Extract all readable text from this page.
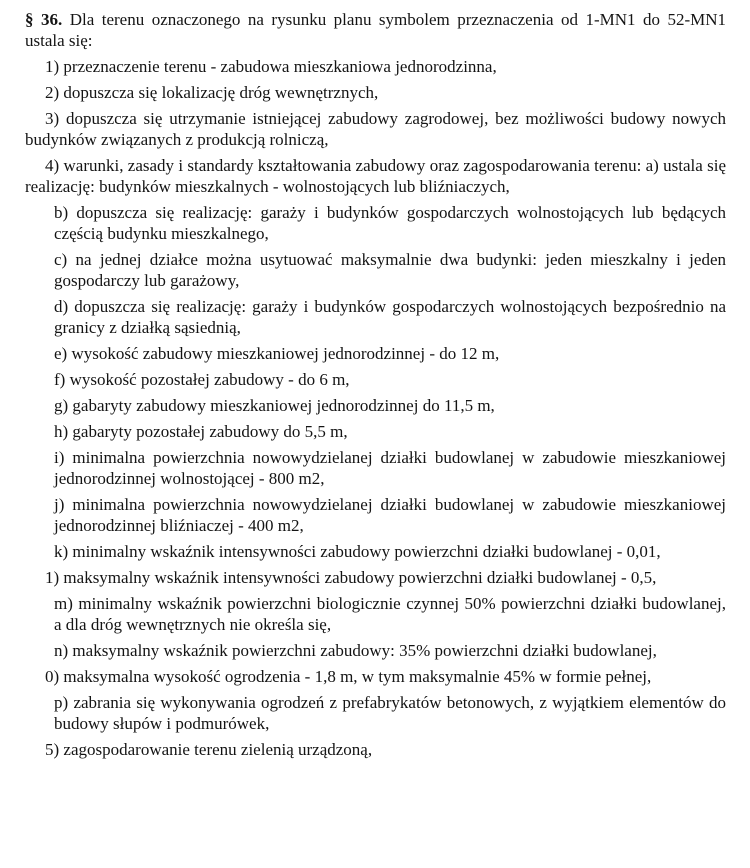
§ 36. Dla terenu oznaczonego na rysunku planu symbolem przeznaczenia od 1-MN1 do 52-MN1 ustala się:

1) przeznaczenie terenu - zabudowa mieszkaniowa jednorodzinna,

2) dopuszcza się lokalizację dróg wewnętrznych,

3) dopuszcza się utrzymanie istniejącej zabudowy zagrodowej, bez możliwości budowy nowych budynków związanych z produkcją rolniczą,

4) warunki, zasady i standardy kształtowania zabudowy oraz zagospodarowania terenu: a) ustala się realizację: budynków mieszkalnych - wolnostojących lub bliźniaczych,

b) dopuszcza się realizację: garaży i budynków gospodarczych wolnostojących lub będących częścią budynku mieszkalnego,

c) na jednej działce można usytuować maksymalnie dwa budynki: jeden mieszkalny i jeden gospodarczy lub garażowy,

d) dopuszcza się realizację: garaży i budynków gospodarczych wolnostojących bezpośrednio na granicy z działką sąsiednią,

e) wysokość zabudowy mieszkaniowej jednorodzinnej - do 12 m,

f) wysokość pozostałej zabudowy - do 6 m,

g) gabaryty zabudowy mieszkaniowej jednorodzinnej do 11,5 m,

h) gabaryty pozostałej zabudowy do 5,5 m,

i) minimalna powierzchnia nowowydzielanej działki budowlanej w zabudowie mieszkaniowej jednorodzinnej wolnostojącej - 800 m2,

j) minimalna powierzchnia nowowydzielanej działki budowlanej w zabudowie mieszkaniowej jednorodzinnej bliźniaczej - 400 m2,

k) minimalny wskaźnik intensywności zabudowy powierzchni działki budowlanej - 0,01,

1) maksymalny wskaźnik intensywności zabudowy powierzchni działki budowlanej - 0,5,

m) minimalny wskaźnik powierzchni biologicznie czynnej 50% powierzchni działki budowlanej, a dla dróg wewnętrznych nie określa się,

n) maksymalny wskaźnik powierzchni zabudowy: 35% powierzchni działki budowlanej,

0) maksymalna wysokość ogrodzenia - 1,8 m, w tym maksymalnie 45% w formie pełnej,

p) zabrania się wykonywania ogrodzeń z prefabrykatów betonowych, z wyjątkiem elementów do budowy słupów i podmurówek,

5) zagospodarowanie terenu zielenią urządzoną,
